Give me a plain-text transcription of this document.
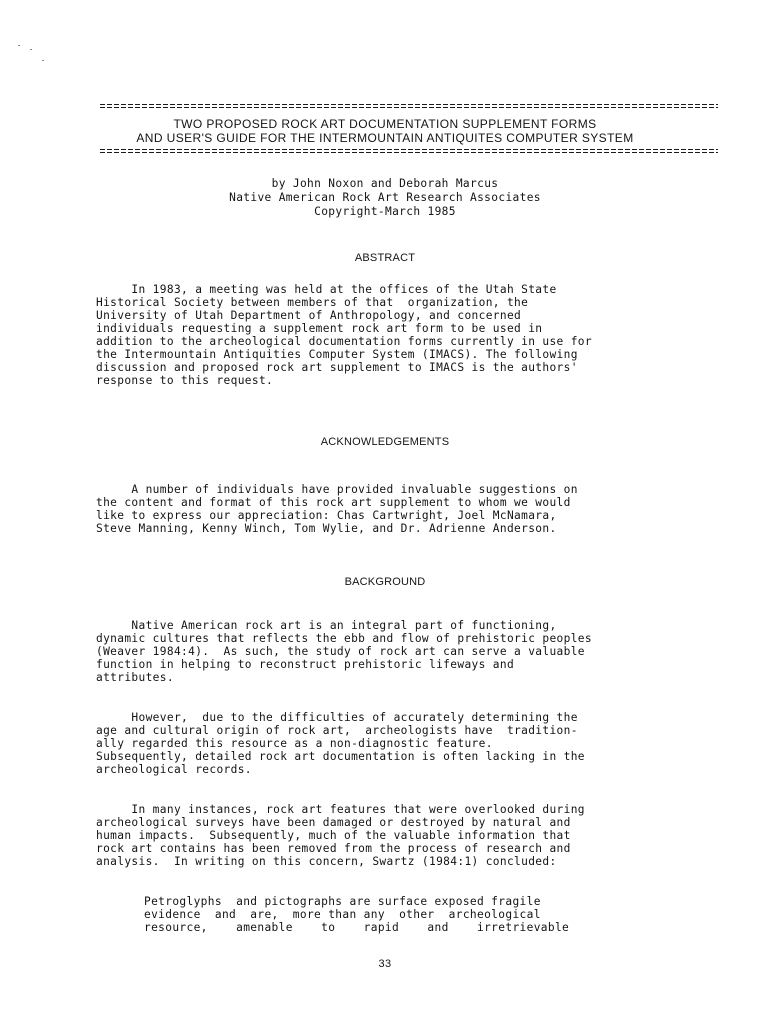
TWO PROPOSED ROCK ART DOCUMENTATION SUPPLEMENT FORMS
AND USER'S GUIDE FOR THE INTERMOUNTAIN ANTIQUITES COMPUTER SYSTEM
by John Noxon and Deborah Marcus
Native American Rock Art Research Associates
Copyright-March 1985
ABSTRACT
In 1983, a meeting was held at the offices of the Utah State
Historical Society between members of that  organization, the
University of Utah Department of Anthropology, and concerned
individuals requesting a supplement rock art form to be used in
addition to the archeological documentation forms currently in use for
the Intermountain Antiquities Computer System (IMACS). The following
discussion and proposed rock art supplement to IMACS is the authors'
response to this request.
ACKNOWLEDGEMENTS
A number of individuals have provided invaluable suggestions on
the content and format of this rock art supplement to whom we would
like to express our appreciation: Chas Cartwright, Joel McNamara,
Steve Manning, Kenny Winch, Tom Wylie, and Dr. Adrienne Anderson.
BACKGROUND
Native American rock art is an integral part of functioning,
dynamic cultures that reflects the ebb and flow of prehistoric peoples
(Weaver 1984:4).  As such, the study of rock art can serve a valuable
function in helping to reconstruct prehistoric lifeways and
attributes.
However,  due to the difficulties of accurately determining the
age and cultural origin of rock art,  archeologists have  tradition-
ally regarded this resource as a non-diagnostic feature.
Subsequently, detailed rock art documentation is often lacking in the
archeological records.
In many instances, rock art features that were overlooked during
archeological surveys have been damaged or destroyed by natural and
human impacts.  Subsequently, much of the valuable information that
rock art contains has been removed from the process of research and
analysis.  In writing on this concern, Swartz (1984:1) concluded:
Petroglyphs  and pictographs are surface exposed fragile
evidence  and  are,  more than any  other  archeological
resource,    amenable    to    rapid    and    irretrievable
33
